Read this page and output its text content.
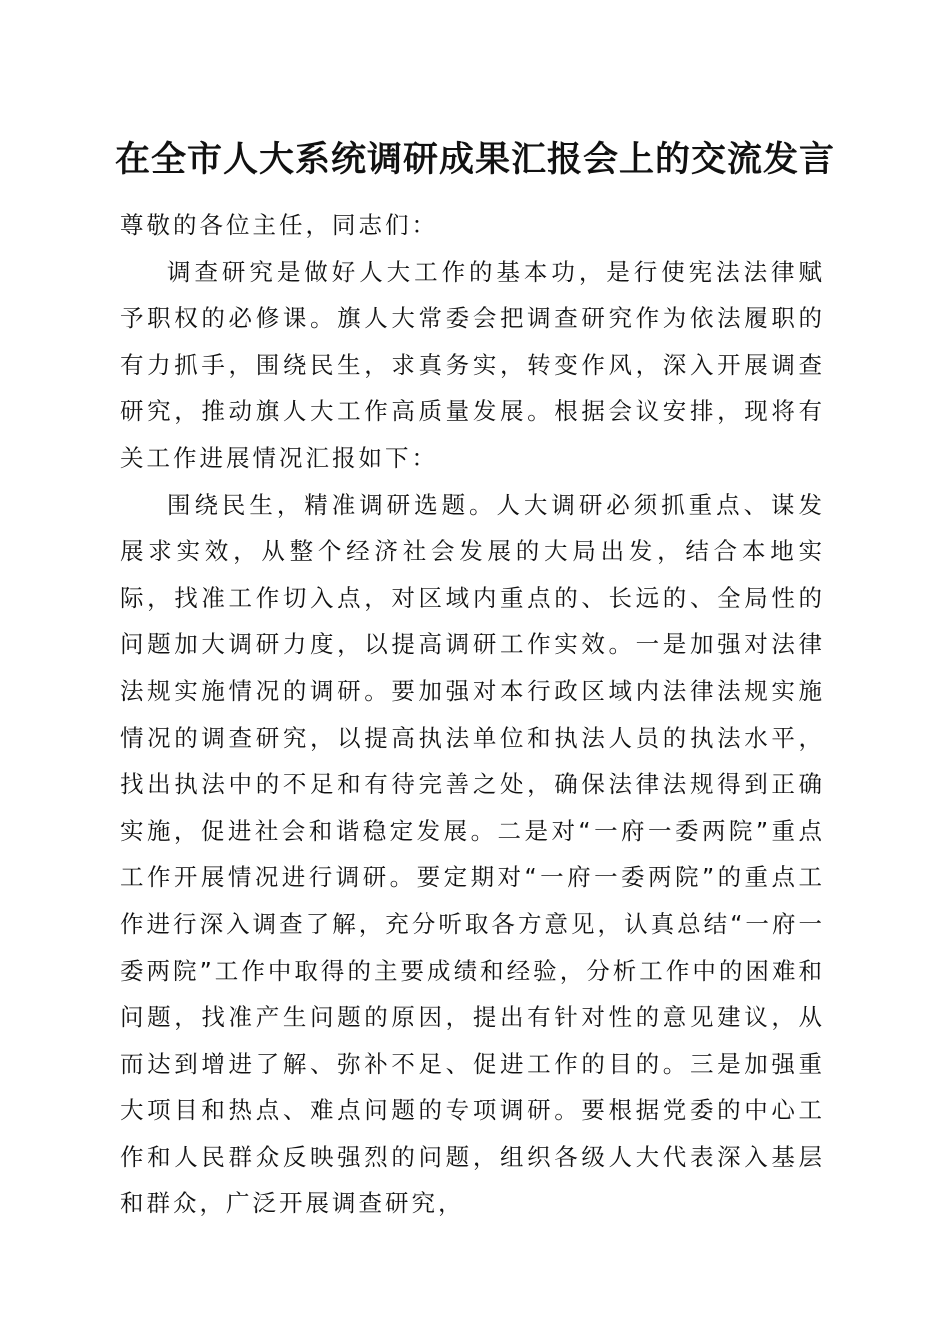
在全市人大系统调研成果汇报会上的交流发言

尊敬的各位主任，同志们：

调查研究是做好人大工作的基本功，是行使宪法法律赋予职权的必修课。旗人大常委会把调查研究作为依法履职的有力抓手，围绕民生，求真务实，转变作风，深入开展调查研究，推动旗人大工作高质量发展。根据会议安排，现将有关工作进展情况汇报如下：

围绕民生，精准调研选题。人大调研必须抓重点、谋发展求实效，从整个经济社会发展的大局出发，结合本地实际，找准工作切入点，对区域内重点的、长远的、全局性的问题加大调研力度，以提高调研工作实效。一是加强对法律法规实施情况的调研。要加强对本行政区域内法律法规实施情况的调查研究，以提高执法单位和执法人员的执法水平，找出执法中的不足和有待完善之处，确保法律法规得到正确实施，促进社会和谐稳定发展。二是对“一府一委两院”重点工作开展情况进行调研。要定期对“一府一委两院”的重点工作进行深入调查了解，充分听取各方意见，认真总结“一府一委两院”工作中取得的主要成绩和经验，分析工作中的困难和问题，找准产生问题的原因，提出有针对性的意见建议，从而达到增进了解、弥补不足、促进工作的目的。三是加强重大项目和热点、难点问题的专项调研。要根据党委的中心工作和人民群众反映强烈的问题，组织各级人大代表深入基层和群众，广泛开展调查研究，
